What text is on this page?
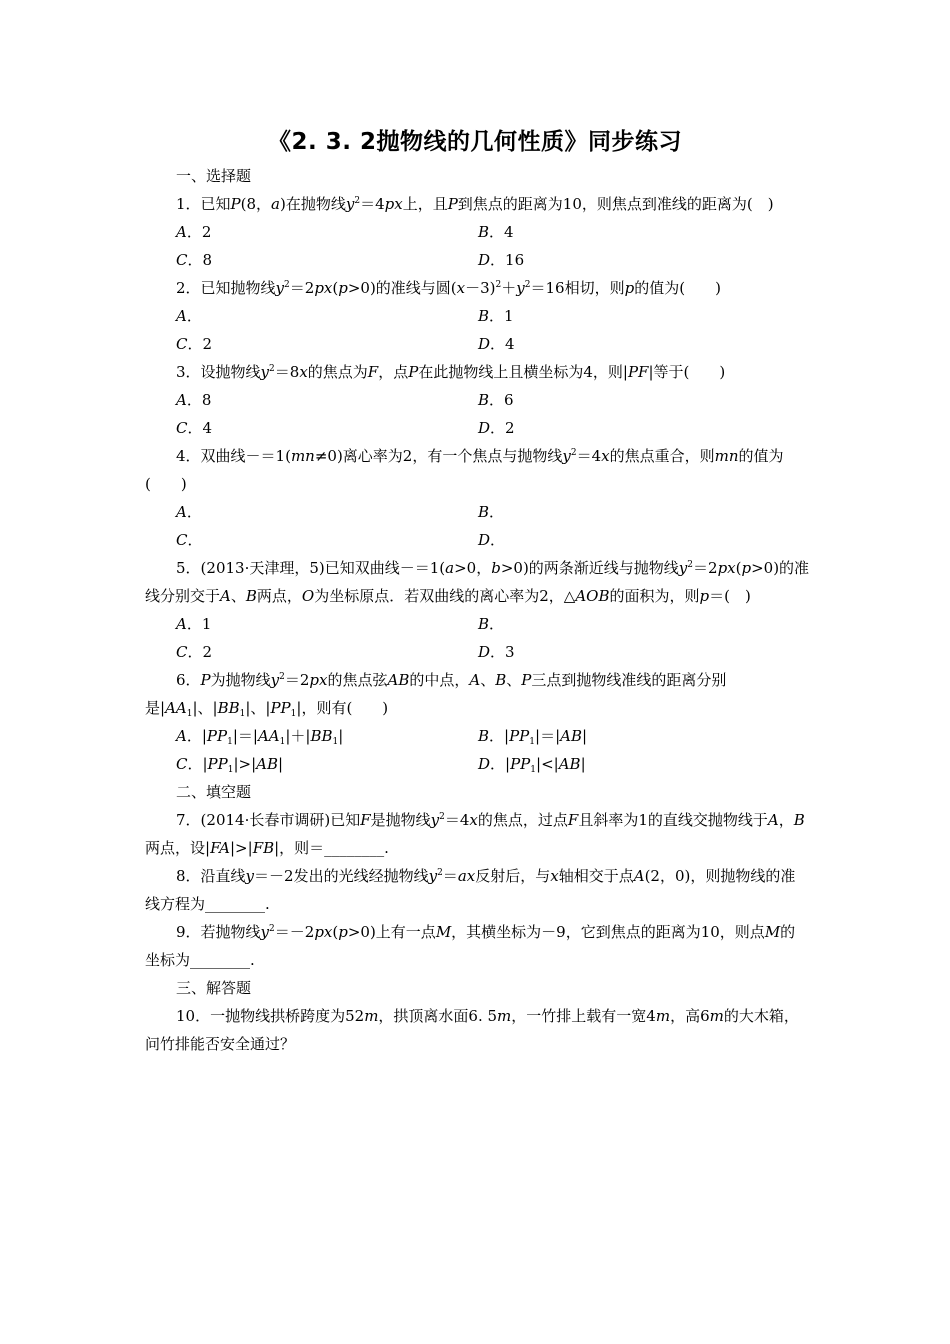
《2. 3. 2抛物线的几何性质》同步练习

一、选择题

1．已知P(8，a)在抛物线$y^2=4px$上，且P到焦点的距离为10，则焦点到准线的距离为(　)

A．2	B．4
C．8	D．16

2．已知抛物线$y^2=2px(p>0)$的准线与圆$(x-3)^2+y^2=16$相切，则p的值为(　　)

A．	B．1
C．2	D．4

3．设抛物线$y^2=8x$的焦点为F，点P在此抛物线上且横坐标为4，则|PF|等于(　　)

A．8	B．6
C．4	D．2

4．双曲线－＝1(mn≠0)离心率为2，有一个焦点与抛物线$y^2=4x$的焦点重合，则mn的值为(　　)

A．	B．
C．	D．

5．(2013·天津理，5)已知双曲线－＝1(a>0，b>0)的两条渐近线与抛物线$y^2=2px(p>0)$的准线分别交于A、B两点，O为坐标原点．若双曲线的离心率为2，△AOB的面积为，则p＝(　)

A．1	B．
C．2	D．3

6．P为抛物线$y^2=2px$的焦点弦AB的中点，A、B、P三点到抛物线准线的距离分别是$|AA_1|$、$|BB_1|$、$|PP_1|$，则有(　　)

A．$|PP_1|=|AA_1|+|BB_1|$	B．$|PP_1|=|AB|$
C．$|PP_1|>|AB|$	D．$|PP_1|<|AB|$

二、填空题

7．(2014·长春市调研)已知F是抛物线$y^2=4x$的焦点，过点F且斜率为1的直线交抛物线于A，B两点，设|FA|>|FB|，则＝________.

8．沿直线y＝－2发出的光线经抛物线$y^2=ax$反射后，与x轴相交于点A(2，0)，则抛物线的准线方程为________.

9．若抛物线$y^2=-2px(p>0)$上有一点M，其横坐标为－9，它到焦点的距离为10，则点M的坐标为________.

三、解答题

10．一抛物线拱桥跨度为52m，拱顶离水面6. 5m，一竹排上载有一宽4m，高6m的大木箱，问竹排能否安全通过？
